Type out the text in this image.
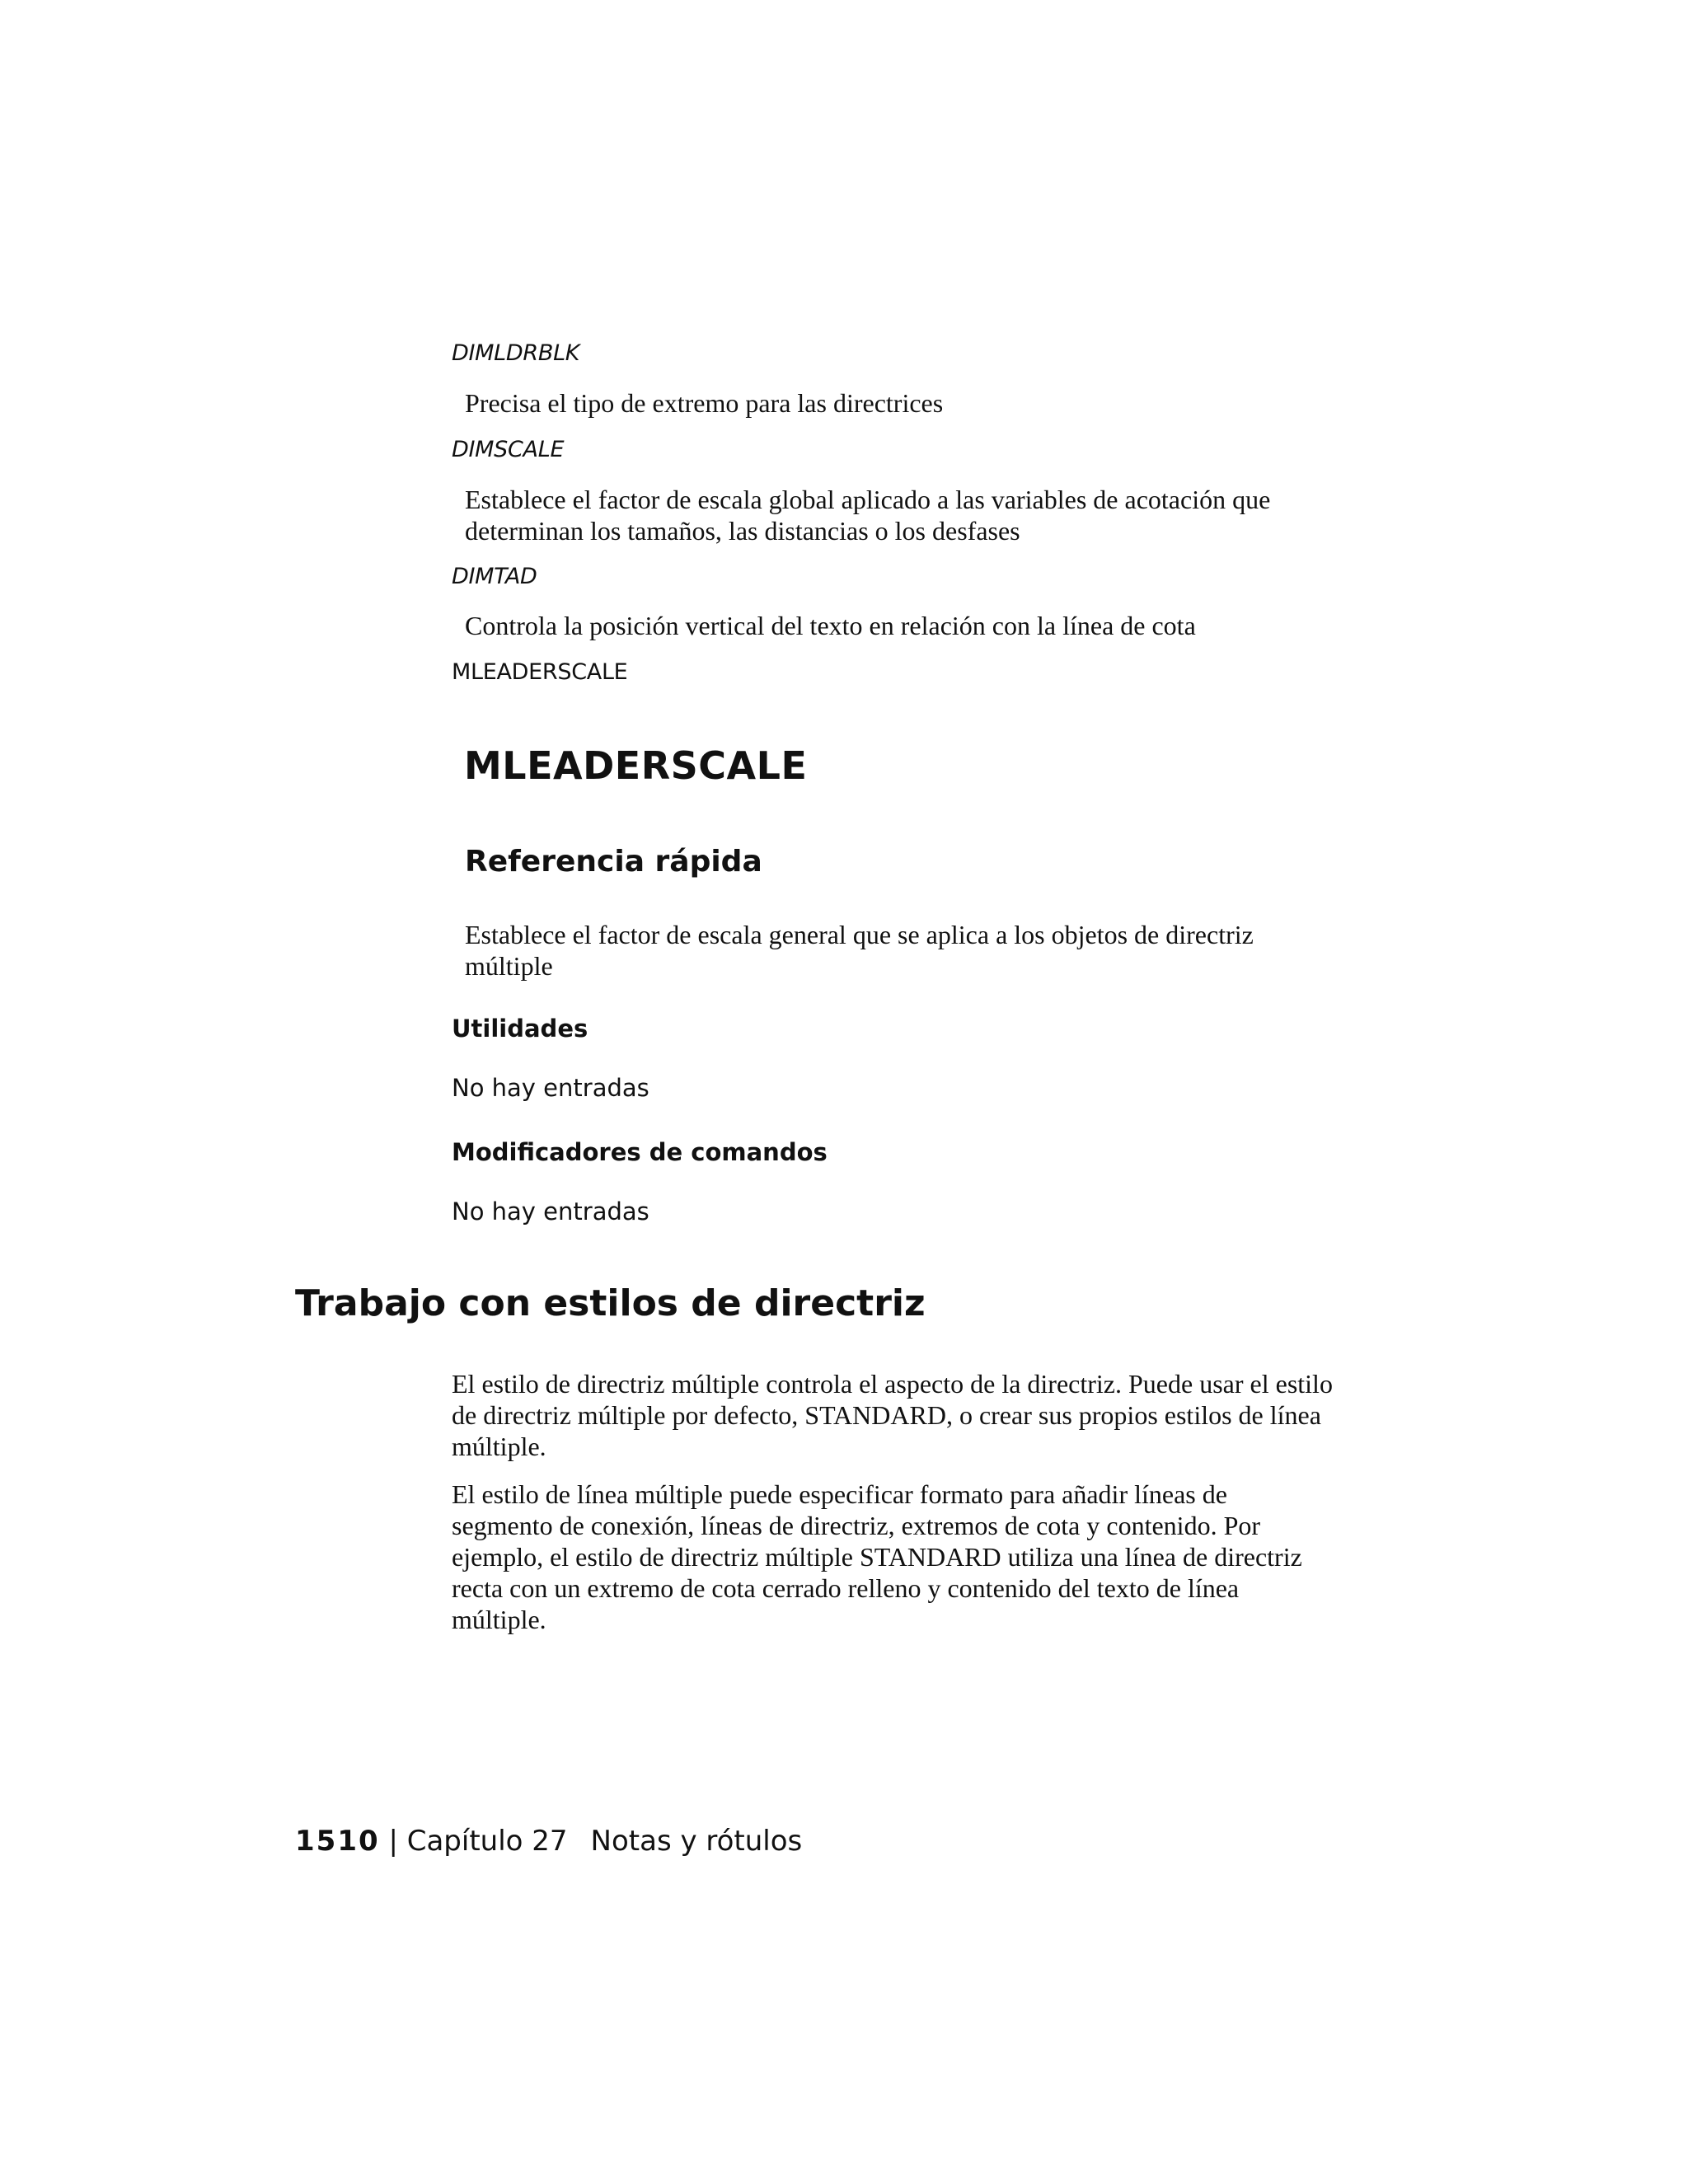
DIMLDRBLK

Precisa el tipo de extremo para las directrices

DIMSCALE

Establece el factor de escala global aplicado a las variables de acotación que determinan los tamaños, las distancias o los desfases

DIMTAD

Controla la posición vertical del texto en relación con la línea de cota

MLEADERSCALE

MLEADERSCALE
Referencia rápida

Establece el factor de escala general que se aplica a los objetos de directriz múltiple

Utilidades

No hay entradas

Modificadores de comandos

No hay entradas

Trabajo con estilos de directriz

El estilo de directriz múltiple controla el aspecto de la directriz. Puede usar el estilo de directriz múltiple por defecto, STANDARD, o crear sus propios estilos de línea múltiple.

El estilo de línea múltiple puede especificar formato para añadir líneas de segmento de conexión, líneas de directriz, extremos de cota y contenido. Por ejemplo, el estilo de directriz múltiple STANDARD utiliza una línea de directriz recta con un extremo de cota cerrado relleno y contenido del texto de línea múltiple.

1510 | Capítulo 27 Notas y rótulos
